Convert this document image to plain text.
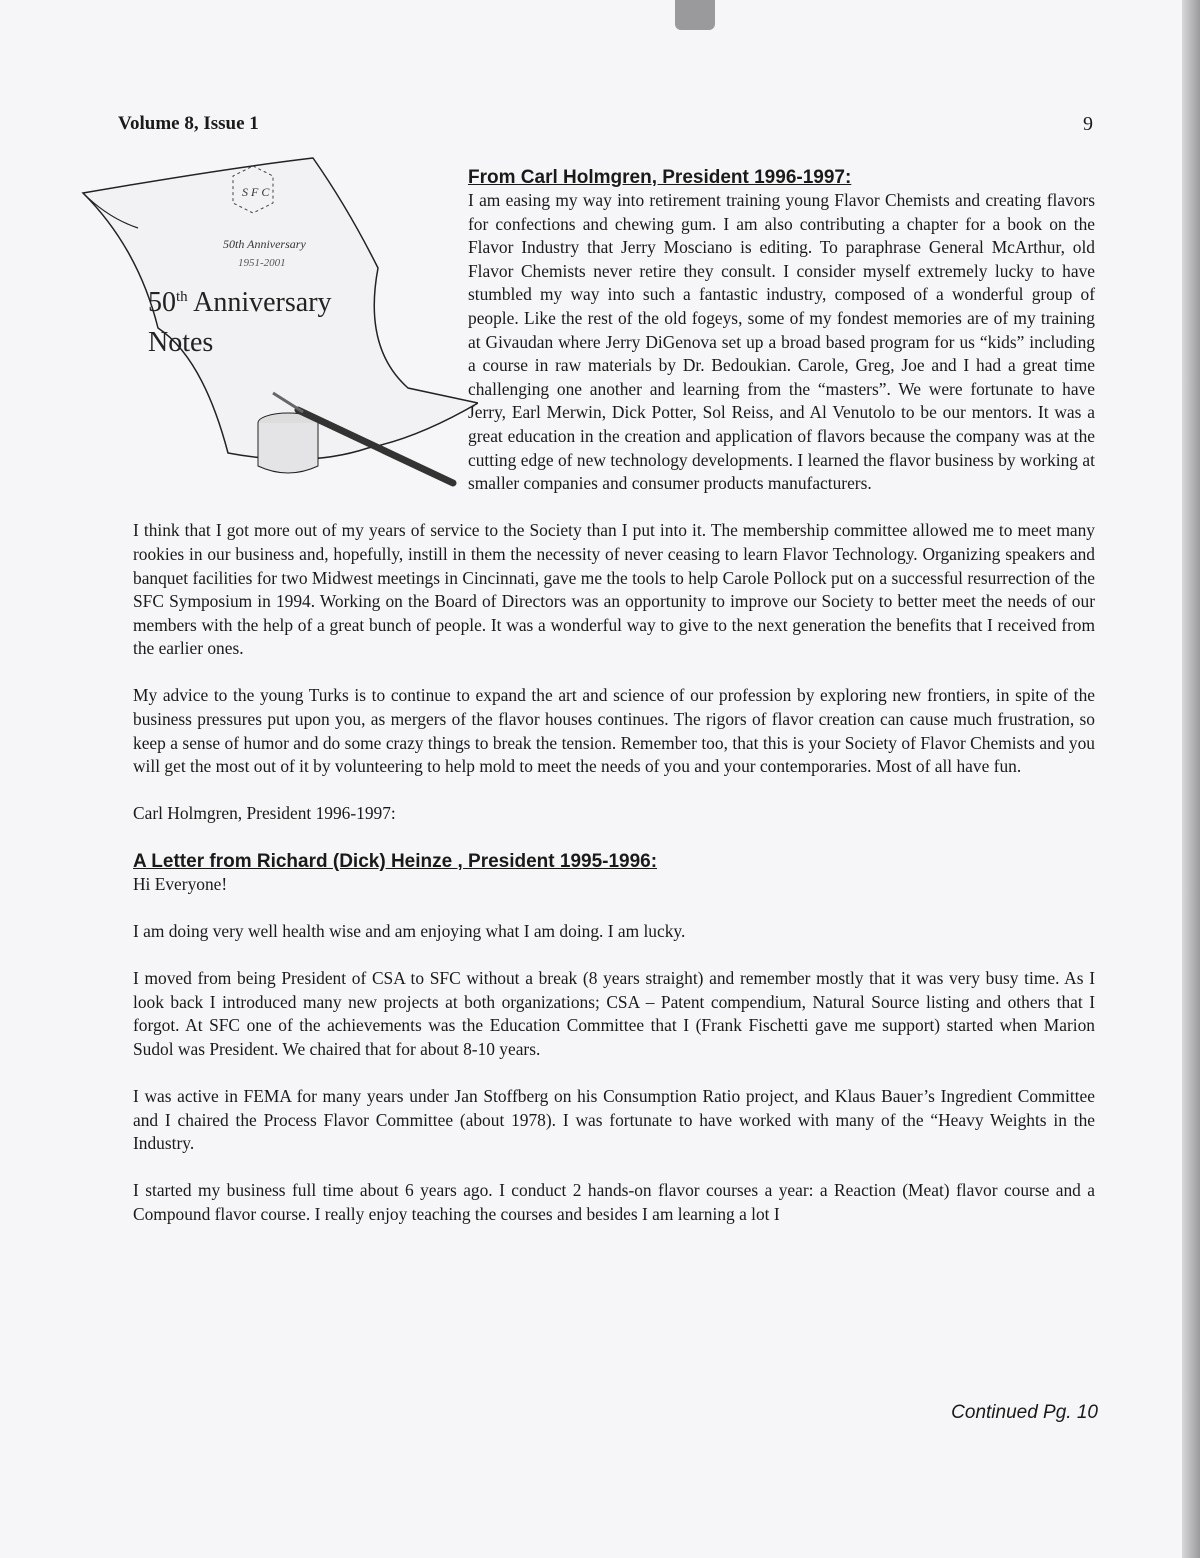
Volume 8, Issue 1	9
S F C
50th Anniversary
1951-2001
50th Anniversary
Notes
From Carl Holmgren, President 1996-1997:

I am easing my way into retirement training young Flavor Chemists and creating flavors for confections and chewing gum. I am also contributing a chapter for a book on the Flavor Industry that Jerry Mosciano is editing. To paraphrase General McArthur, old Flavor Chemists never retire they consult. I consider myself extremely lucky to have stumbled my way into such a fantastic industry, composed of a wonderful group of people. Like the rest of the old fogeys, some of my fondest memories are of my training at Givaudan where Jerry DiGenova set up a broad based program for us “kids” including a course in raw materials by Dr. Bedoukian. Carole, Greg, Joe and I had a great time challenging one another and learning from the “masters”. We were fortunate to have Jerry, Earl Merwin, Dick Potter, Sol Reiss, and Al Venutolo to be our mentors. It was a great education in the creation and application of flavors because the company was at the cutting edge of new technology developments. I learned the flavor business by working at smaller companies and consumer products manufacturers.

I think that I got more out of my years of service to the Society than I put into it. The membership committee allowed me to meet many rookies in our business and, hopefully, instill in them the necessity of never ceasing to learn Flavor Technology. Organizing speakers and banquet facilities for two Midwest meetings in Cincinnati, gave me the tools to help Carole Pollock put on a successful resurrection of the SFC Symposium in 1994. Working on the Board of Directors was an opportunity to improve our Society to better meet the needs of our members with the help of a great bunch of people. It was a wonderful way to give to the next generation the benefits that I received from the earlier ones.

My advice to the young Turks is to continue to expand the art and science of our profession by exploring new frontiers, in spite of the business pressures put upon you, as mergers of the flavor houses continues. The rigors of flavor creation can cause much frustration, so keep a sense of humor and do some crazy things to break the tension. Remember too, that this is your Society of Flavor Chemists and you will get the most out of it by volunteering to help mold to meet the needs of you and your contemporaries. Most of all have fun.

Carl Holmgren, President 1996-1997:

A Letter from Richard (Dick) Heinze , President 1995-1996:

Hi Everyone!

I am doing very well health wise and am enjoying what I am doing. I am lucky.

I moved from being President of CSA to SFC without a break (8 years straight) and remember mostly that it was very busy time. As I look back I introduced many new projects at both organizations; CSA – Patent compendium, Natural Source listing and others that I forgot. At SFC one of the achievements was the Education Committee that I (Frank Fischetti gave me support) started when Marion Sudol was President. We chaired that for about 8-10 years.

I was active in FEMA for many years under Jan Stoffberg on his Consumption Ratio project, and Klaus Bauer’s Ingredient Committee and I chaired the Process Flavor Committee (about 1978). I was fortunate to have worked with many of the “Heavy Weights in the Industry.

I started my business full time about 6 years ago. I conduct 2 hands-on flavor courses a year: a Reaction (Meat) flavor course and a Compound flavor course. I really enjoy teaching the courses and besides I am learning a lot I

Continued Pg. 10
